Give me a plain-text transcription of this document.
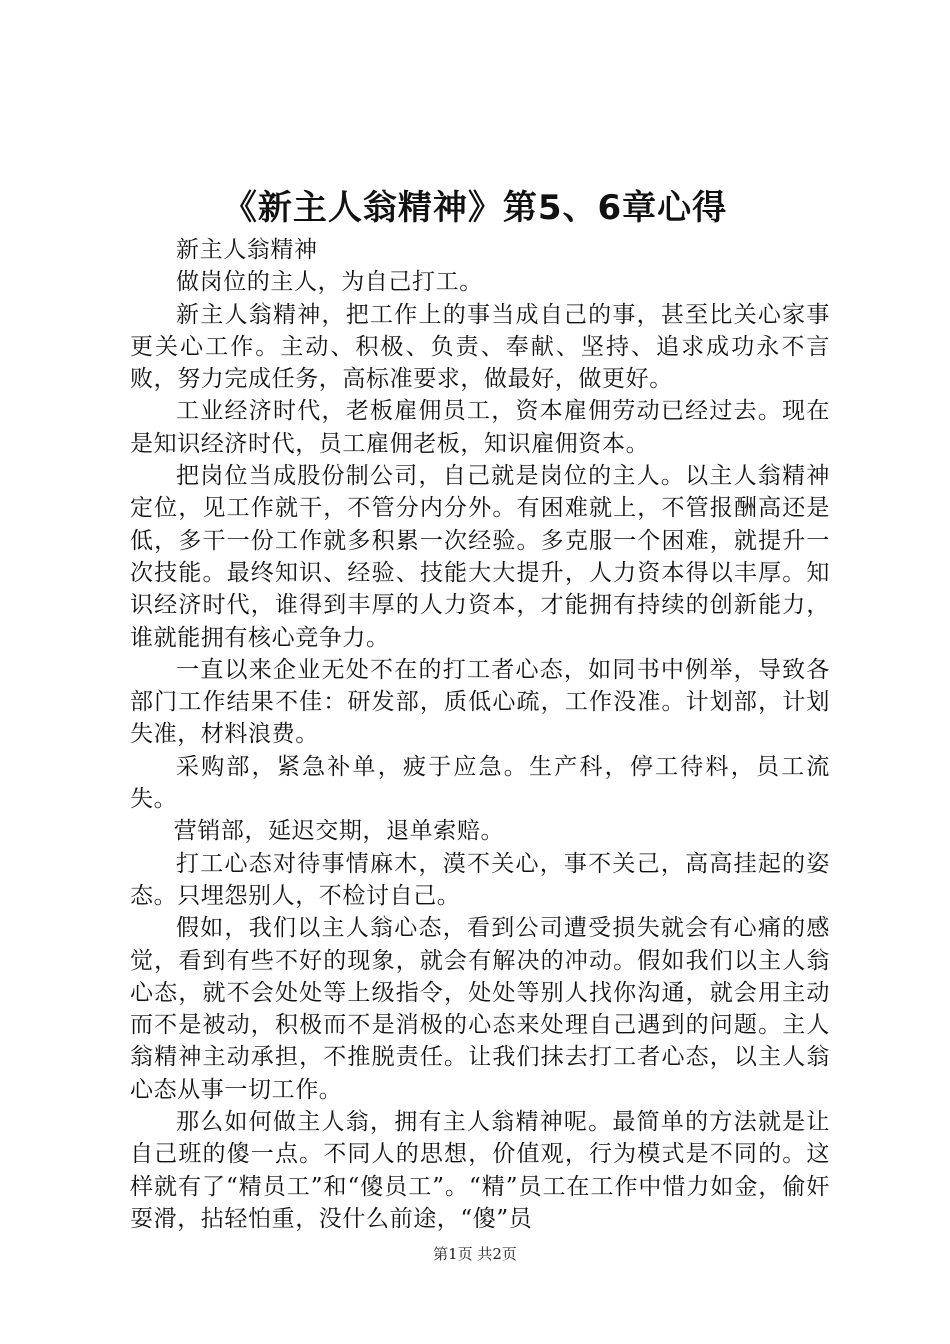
《新主人翁精神》第5、6章心得

新主人翁精神

做岗位的主人，为自己打工。

新主人翁精神，把工作上的事当成自己的事，甚至比关心家事更关心工作。主动、积极、负责、奉献、坚持、追求成功永不言败，努力完成任务，高标准要求，做最好，做更好。

工业经济时代，老板雇佣员工，资本雇佣劳动已经过去。现在是知识经济时代，员工雇佣老板，知识雇佣资本。

把岗位当成股份制公司，自己就是岗位的主人。以主人翁精神定位，见工作就干，不管分内分外。有困难就上，不管报酬高还是低，多干一份工作就多积累一次经验。多克服一个困难，就提升一次技能。最终知识、经验、技能大大提升，人力资本得以丰厚。知识经济时代，谁得到丰厚的人力资本，才能拥有持续的创新能力，谁就能拥有核心竞争力。

一直以来企业无处不在的打工者心态，如同书中例举，导致各部门工作结果不佳：研发部，质低心疏，工作没准。计划部，计划失准，材料浪费。

采购部，紧急补单，疲于应急。生产科，停工待料，员工流失。

营销部，延迟交期，退单索赔。

打工心态对待事情麻木，漠不关心，事不关己，高高挂起的姿态。只埋怨别人，不检讨自己。

假如，我们以主人翁心态，看到公司遭受损失就会有心痛的感觉，看到有些不好的现象，就会有解决的冲动。假如我们以主人翁心态，就不会处处等上级指令，处处等别人找你沟通，就会用主动而不是被动，积极而不是消极的心态来处理自己遇到的问题。主人翁精神主动承担，不推脱责任。让我们抹去打工者心态，以主人翁心态从事一切工作。

那么如何做主人翁，拥有主人翁精神呢。最简单的方法就是让自己班的傻一点。不同人的思想，价值观，行为模式是不同的。这样就有了“精员工”和“傻员工”。“精”员工在工作中惜力如金，偷奸耍滑，拈轻怕重，没什么前途，“傻”员

第1页 共2页
